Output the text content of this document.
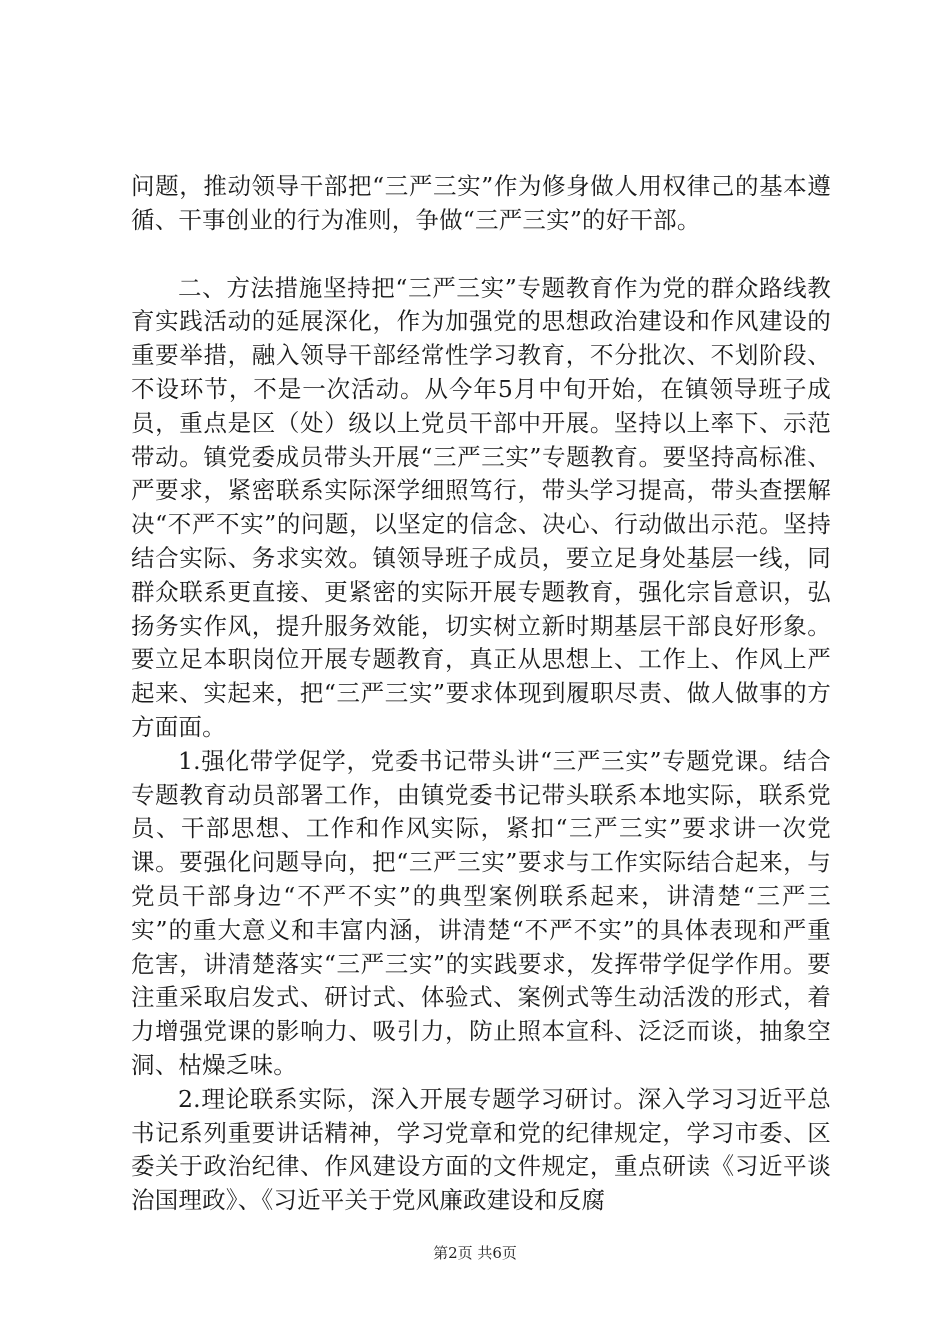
问题，推动领导干部把“三严三实”作为修身做人用权律己的基本遵循、干事创业的行为准则，争做“三严三实”的好干部。

二、方法措施坚持把“三严三实”专题教育作为党的群众路线教育实践活动的延展深化，作为加强党的思想政治建设和作风建设的重要举措，融入领导干部经常性学习教育，不分批次、不划阶段、不设环节，不是一次活动。从今年5月中旬开始，在镇领导班子成员，重点是区（处）级以上党员干部中开展。坚持以上率下、示范带动。镇党委成员带头开展“三严三实”专题教育。要坚持高标准、严要求，紧密联系实际深学细照笃行，带头学习提高，带头查摆解决“不严不实”的问题，以坚定的信念、决心、行动做出示范。坚持结合实际、务求实效。镇领导班子成员，要立足身处基层一线，同群众联系更直接、更紧密的实际开展专题教育，强化宗旨意识，弘扬务实作风，提升服务效能，切实树立新时期基层干部良好形象。要立足本职岗位开展专题教育，真正从思想上、工作上、作风上严起来、实起来，把“三严三实”要求体现到履职尽责、做人做事的方方面面。

1.强化带学促学，党委书记带头讲“三严三实”专题党课。结合专题教育动员部署工作，由镇党委书记带头联系本地实际，联系党员、干部思想、工作和作风实际，紧扣“三严三实”要求讲一次党课。要强化问题导向，把“三严三实”要求与工作实际结合起来，与党员干部身边“不严不实”的典型案例联系起来，讲清楚“三严三实”的重大意义和丰富内涵，讲清楚“不严不实”的具体表现和严重危害，讲清楚落实“三严三实”的实践要求，发挥带学促学作用。要注重采取启发式、研讨式、体验式、案例式等生动活泼的形式，着力增强党课的影响力、吸引力，防止照本宣科、泛泛而谈，抽象空洞、枯燥乏味。

2.理论联系实际，深入开展专题学习研讨。深入学习习近平总书记系列重要讲话精神，学习党章和党的纪律规定，学习市委、区委关于政治纪律、作风建设方面的文件规定，重点研读《习近平谈治国理政》、《习近平关于党风廉政建设和反腐

第2页 共6页
